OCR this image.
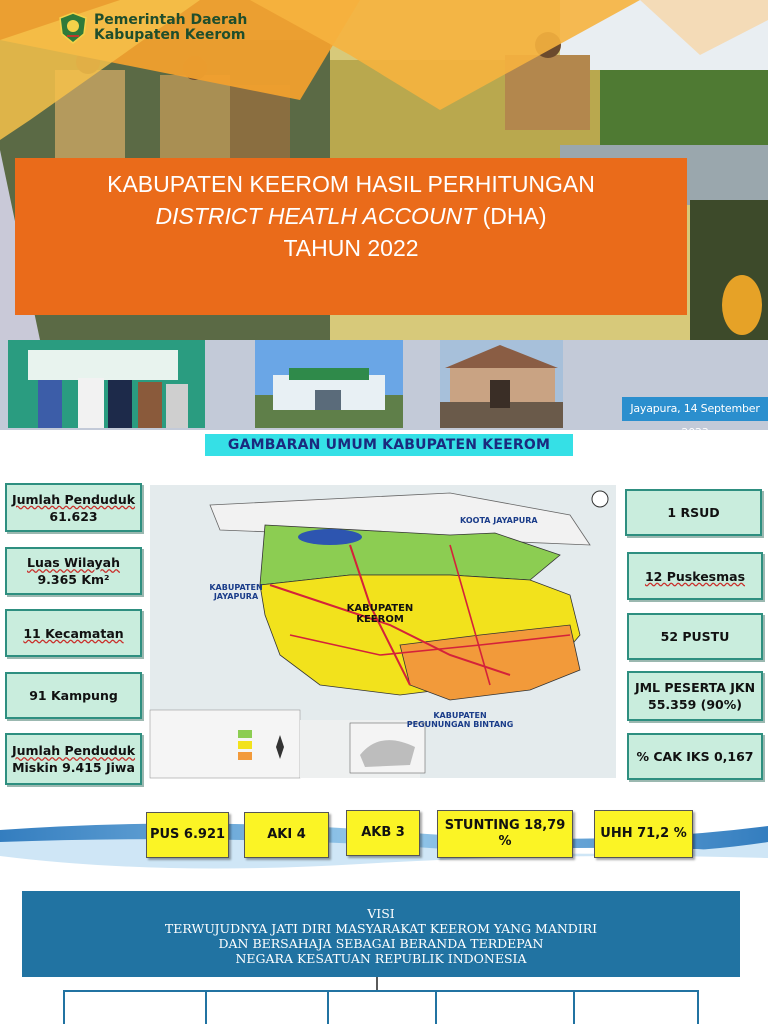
Pemerintah Daerah
Kabupaten Keerom
KABUPATEN KEEROM HASIL PERHITUNGAN
DISTRICT HEATLH ACCOUNT (DHA)
TAHUN 2022
Jayapura, 14 September
GAMBARAN UMUM KABUPATEN KEEROM
Jumlah Penduduk
61.623
Luas Wilayah
9.365 Km²
11 Kecamatan
91 Kampung
Jumlah Penduduk
Miskin 9.415 Jiwa
KOOTA JAYAPURA
KABUPATEN JAYAPURA
KABUPATEN KEEROM
KABUPATEN PEGUNUNGAN BINTANG
1 RSUD
12 Puskesmas
52 PUSTU
JML PESERTA JKN
55.359 (90%)
% CAK IKS 0,167
PUS 6.921	AKI 4	AKB 3	STUNTING 18,79
%
UHH 71,2 %
VISI
TERWUJUDNYA JATI DIRI MASYARAKAT KEEROM YANG MANDIRI
DAN BERSAHAJA SEBAGAI BERANDA TERDEPAN
NEGARA KESATUAN REPUBLIK INDONESIA
